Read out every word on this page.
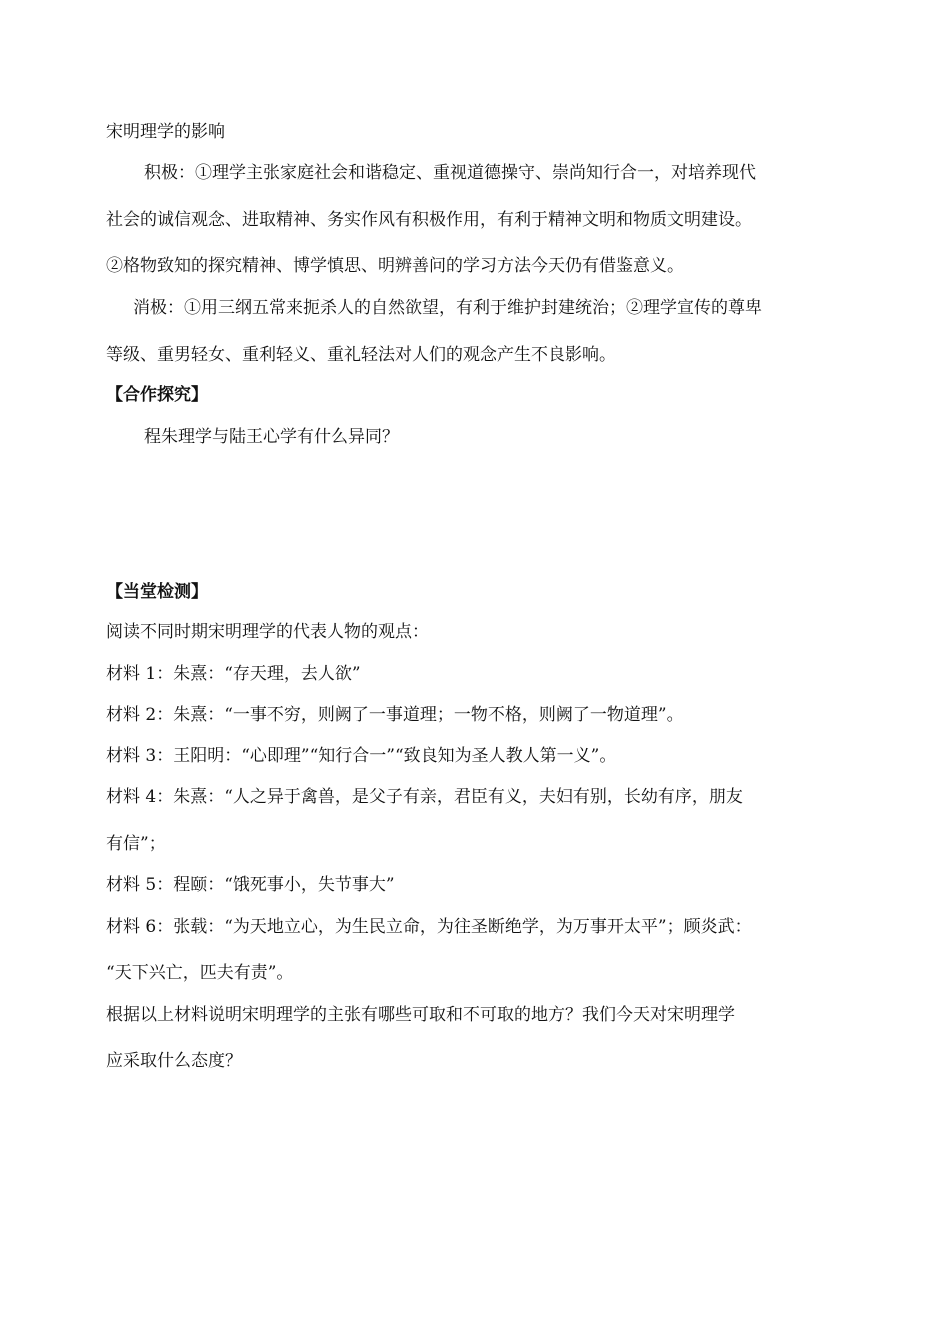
宋明理学的影响
积极：①理学主张家庭社会和谐稳定、重视道德操守、崇尚知行合一，对培养现代
社会的诚信观念、进取精神、务实作风有积极作用，有利于精神文明和物质文明建设。
②格物致知的探究精神、博学慎思、明辨善问的学习方法今天仍有借鉴意义。
消极：①用三纲五常来扼杀人的自然欲望，有利于维护封建统治；②理学宣传的尊卑
等级、重男轻女、重利轻义、重礼轻法对人们的观念产生不良影响。
【合作探究】
程朱理学与陆王心学有什么异同？
【当堂检测】
阅读不同时期宋明理学的代表人物的观点：
材料 1：朱熹：“存天理，去人欲”
材料 2：朱熹：“一事不穷，则阙了一事道理；一物不格，则阙了一物道理”。
材料 3：王阳明：“心即理”“知行合一”“致良知为圣人教人第一义”。
材料 4：朱熹：“人之异于禽兽，是父子有亲，君臣有义，夫妇有别，长幼有序，朋友
有信”；
材料 5：程颐：“饿死事小，失节事大”
材料 6：张载：“为天地立心，为生民立命，为往圣断绝学，为万事开太平”；顾炎武：
“天下兴亡，匹夫有责”。
根据以上材料说明宋明理学的主张有哪些可取和不可取的地方？我们今天对宋明理学
应采取什么态度？
